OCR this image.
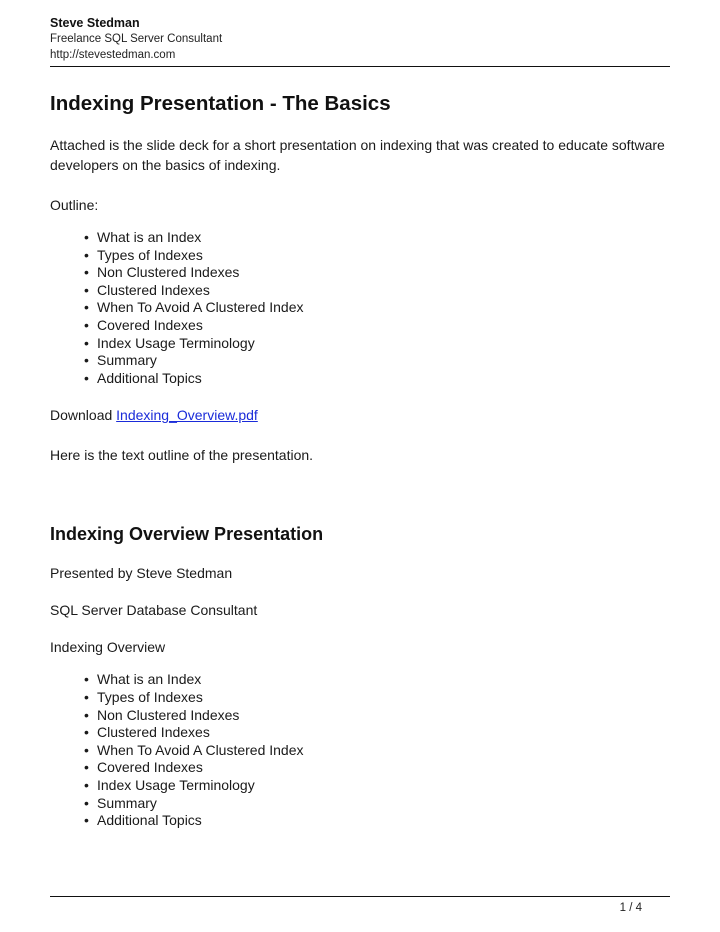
Steve Stedman
Freelance SQL Server Consultant
http://stevestedman.com
Indexing Presentation - The Basics

Attached is the slide deck for a short presentation on indexing that was created to educate software developers on the basics of indexing.

Outline:

• What is an Index
• Types of Indexes
• Non Clustered Indexes
• Clustered Indexes
• When To Avoid A Clustered Index
• Covered Indexes
• Index Usage Terminology
• Summary
• Additional Topics

Download Indexing_Overview.pdf

Here is the text outline of the presentation.

Indexing Overview Presentation

Presented by Steve Stedman

SQL Server Database Consultant

Indexing Overview

• What is an Index
• Types of Indexes
• Non Clustered Indexes
• Clustered Indexes
• When To Avoid A Clustered Index
• Covered Indexes
• Index Usage Terminology
• Summary
• Additional Topics
1 / 4
